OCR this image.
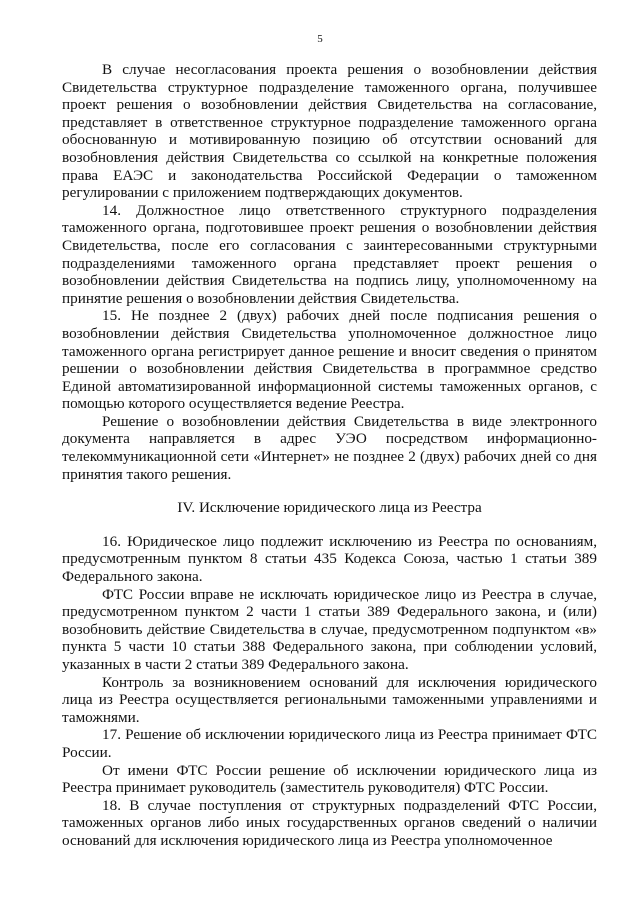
5

В случае несогласования проекта решения о возобновлении действия Свидетельства структурное подразделение таможенного органа, получившее проект решения о возобновлении действия Свидетельства на согласование, представляет в ответственное структурное подразделение таможенного органа обоснованную и мотивированную позицию об отсутствии оснований для возобновления действия Свидетельства со ссылкой на конкретные положения права ЕАЭС и законодательства Российской Федерации о таможенном регулировании с приложением подтверждающих документов.

14. Должностное лицо ответственного структурного подразделения таможенного органа, подготовившее проект решения о возобновлении действия Свидетельства, после его согласования с заинтересованными структурными подразделениями таможенного органа представляет проект решения о возобновлении действия Свидетельства на подпись лицу, уполномоченному на принятие решения о возобновлении действия Свидетельства.

15. Не позднее 2 (двух) рабочих дней после подписания решения о возобновлении действия Свидетельства уполномоченное должностное лицо таможенного органа регистрирует данное решение и вносит сведения о принятом решении о возобновлении действия Свидетельства в программное средство Единой автоматизированной информационной системы таможенных органов, с помощью которого осуществляется ведение Реестра.

Решение о возобновлении действия Свидетельства в виде электронного документа направляется в адрес УЭО посредством информационно-телекоммуникационной сети «Интернет» не позднее 2 (двух) рабочих дней со дня принятия такого решения.

IV. Исключение юридического лица из Реестра

16. Юридическое лицо подлежит исключению из Реестра по основаниям, предусмотренным пунктом 8 статьи 435 Кодекса Союза, частью 1 статьи 389 Федерального закона.

ФТС России вправе не исключать юридическое лицо из Реестра в случае, предусмотренном пунктом 2 части 1 статьи 389 Федерального закона, и (или) возобновить действие Свидетельства в случае, предусмотренном подпунктом «в» пункта 5 части 10 статьи 388 Федерального закона, при соблюдении условий, указанных в части 2 статьи 389 Федерального закона.

Контроль за возникновением оснований для исключения юридического лица из Реестра осуществляется региональными таможенными управлениями и таможнями.

17. Решение об исключении юридического лица из Реестра принимает ФТС России.

От имени ФТС России решение об исключении юридического лица из Реестра принимает руководитель (заместитель руководителя) ФТС России.

18. В случае поступления от структурных подразделений ФТС России, таможенных органов либо иных государственных органов сведений о наличии оснований для исключения юридического лица из Реестра уполномоченное
